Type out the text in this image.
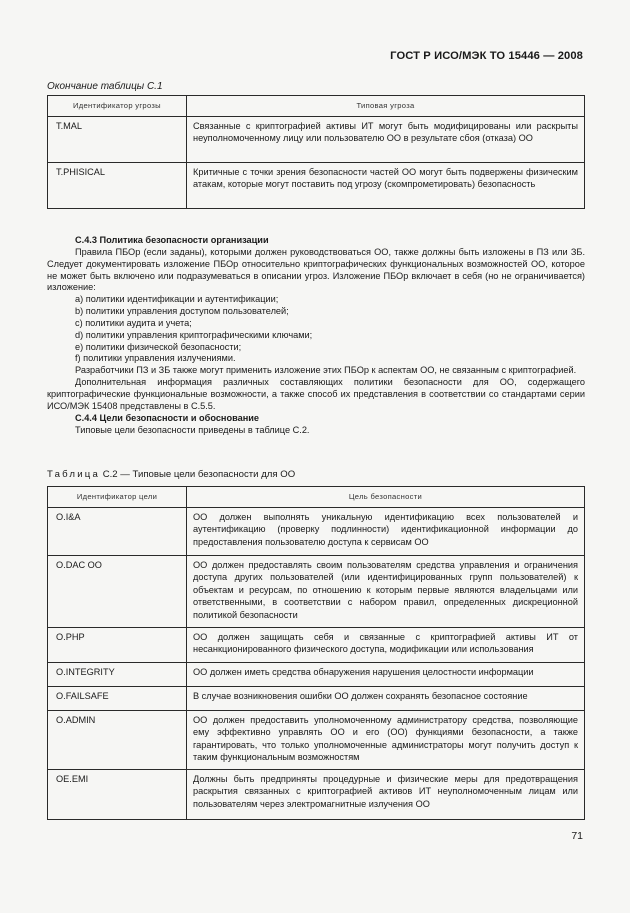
ГОСТ Р ИСО/МЭК ТО 15446 — 2008
Окончание таблицы С.1
Идентификатор угрозы	Типовая угроза
T.MAL	Связанные с криптографией активы ИТ могут быть модифицированы или раскрыты неуполномоченному лицу или пользователю ОО в результате сбоя (отказа) ОО
T.PHISICAL	Критичные с точки зрения безопасности частей ОО могут быть подвержены физическим атакам, которые могут поставить под угрозу (скомпрометировать) безопасность

С.4.3 Политика безопасности организации

Правила ПБОр (если заданы), которыми должен руководствоваться ОО, также должны быть изложены в ПЗ или ЗБ. Следует документировать изложение ПБОр относительно криптографических функциональных возможностей ОО, которое не может быть включено или подразумеваться в описании угроз. Изложение ПБОр включает в себя (но не ограничивается) изложение:

a) политики идентификации и аутентификации;

b) политики управления доступом пользователей;

c) политики аудита и учета;

d) политики управления криптографическими ключами;

e) политики физической безопасности;

f) политики управления излучениями.

Разработчики ПЗ и ЗБ также могут применить изложение этих ПБОр к аспектам ОО, не связанным с криптографией.

Дополнительная информация различных составляющих политики безопасности для ОО, содержащего криптографические функциональные возможности, а также способ их представления в соответствии со стандартами серии ИСО/МЭК 15408 представлены в С.5.5.

С.4.4 Цели безопасности и обоснование

Типовые цели безопасности приведены в таблице С.2.

Таблица С.2 — Типовые цели безопасности для ОО
Идентификатор цели	Цель безопасности
O.I&A	ОО должен выполнять уникальную идентификацию всех пользователей и аутентификацию (проверку подлинности) идентификационной информации до предоставления пользователю доступа к сервисам ОО
O.DAC OO	ОО должен предоставлять своим пользователям средства управления и ограничения доступа других пользователей (или идентифицированных групп пользователей) к объектам и ресурсам, по отношению к которым первые являются владельцами или ответственными, в соответствии с набором правил, определенных дискреционной политикой безопасности
O.PHP	ОО должен защищать себя и связанные с криптографией активы ИТ от несанкционированного физического доступа, модификации или использования
O.INTEGRITY	ОО должен иметь средства обнаружения нарушения целостности информации
O.FAILSAFE	В случае возникновения ошибки ОО должен сохранять безопасное состояние
O.ADMIN	ОО должен предоставить уполномоченному администратору средства, позволяющие ему эффективно управлять ОО и его (ОО) функциями безопасности, а также гарантировать, что только уполномоченные администраторы могут получить доступ к таким функциональным возможностям
OE.EMI	Должны быть предприняты процедурные и физические меры для предотвращения раскрытия связанных с криптографией активов ИТ неуполномоченным лицам или пользователям через электромагнитные излучения ОО
71
